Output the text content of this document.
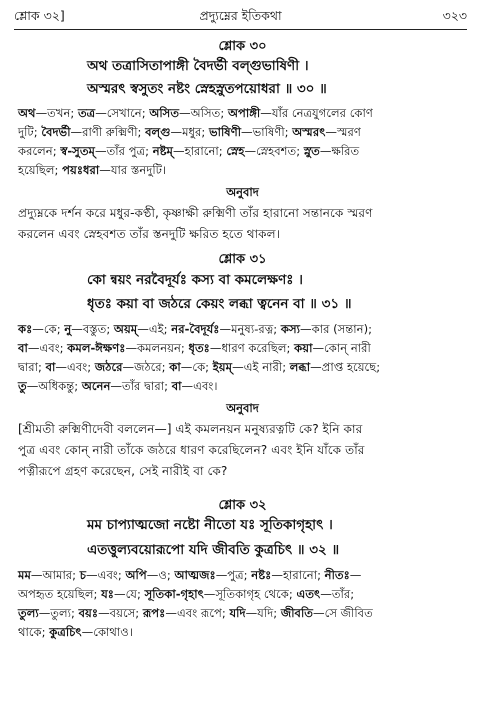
শ্লোক ৩২]	প্রদ্যুম্নের ইতিকথা	৩২৩
শ্লোক ৩০
অথ তত্রাসিতাপাঙ্গী বৈদর্ভী বল্গুভাষিণী ।
অস্মরৎ স্বসুতং নষ্টং স্নেহস্নুতপয়োধরা ॥ ৩০ ॥
অথ—তখন; তত্র—সেখানে; অসিত—অসিত; অপাঙ্গী—যাঁর নেত্রযুগলের কোণ
দুটি; বৈদর্ভী—রাণী রুক্মিণী; বল্গু—মধুর; ভাষিণী—ভাষিণী; অস্মরৎ—স্মরণ
করলেন; স্ব-সুতম্—তাঁর পুত্র; নষ্টম্—হারানো; স্নেহ—স্নেহবশত; স্নুত—ক্ষরিত
হয়েছিল; পয়ঃধরা—যার স্তনদুটি।
অনুবাদ
প্রদ্যুম্নকে দর্শন করে মধুর-কণ্ঠী, কৃষ্ণাক্ষী রুক্মিণী তাঁর হারানো সন্তানকে স্মরণ
করলেন এবং স্নেহবশত তাঁর স্তনদুটি ক্ষরিত হতে থাকল।
শ্লোক ৩১
কো ন্বয়ং নরবৈদূর্যঃ কস্য বা কমলেক্ষণঃ ।
ধৃতঃ কয়া বা জঠরে কেয়ং লব্ধা ত্বনেন বা ॥ ৩১ ॥
কঃ—কে; নু—বস্তুত; অয়ম্—এই; নর-বৈদূর্যঃ—মনুষ্য-রত্ন; কস্য—কার (সন্তান);
বা—এবং; কমল-ঈক্ষণঃ—কমলনয়ন; ধৃতঃ—ধারণ করেছিল; কয়া—কোন্ নারী
দ্বারা; বা—এবং; জঠরে—জঠরে; কা—কে; ইয়ম্—এই নারী; লব্ধা—প্রাপ্ত হয়েছে;
তু—অধিকন্তু; অনেন—তাঁর দ্বারা; বা—এবং।
অনুবাদ
[শ্রীমতী রুক্মিণীদেবী বললেন—] এই কমলনয়ন মনুষ্যরত্নটি কে? ইনি কার
পুত্র এবং কোন্ নারী তাঁকে জঠরে ধারণ করেছিলেন? এবং ইনি যাঁকে তাঁর
পত্নীরূপে গ্রহণ করেছেন, সেই নারীই বা কে?
শ্লোক ৩২
মম চাপ্যাত্মজো নষ্টো নীতো যঃ সূতিকাগৃহাৎ ।
এতত্তুল্যবয়োরূপো যদি জীবতি কুত্রচিৎ ॥ ৩২ ॥
মম—আমার; চ—এবং; অপি—ও; আত্মজঃ—পুত্র; নষ্টঃ—হারানো; নীতঃ—
অপহৃত হয়েছিল; যঃ—যে; সূতিকা-গৃহাৎ—সূতিকাগৃহ থেকে; এতৎ—তাঁর;
তুল্য—তুল্য; বয়ঃ—বয়সে; রূপঃ—এবং রূপে; যদি—যদি; জীবতি—সে জীবিত
থাকে; কুত্রচিৎ—কোথাও।
